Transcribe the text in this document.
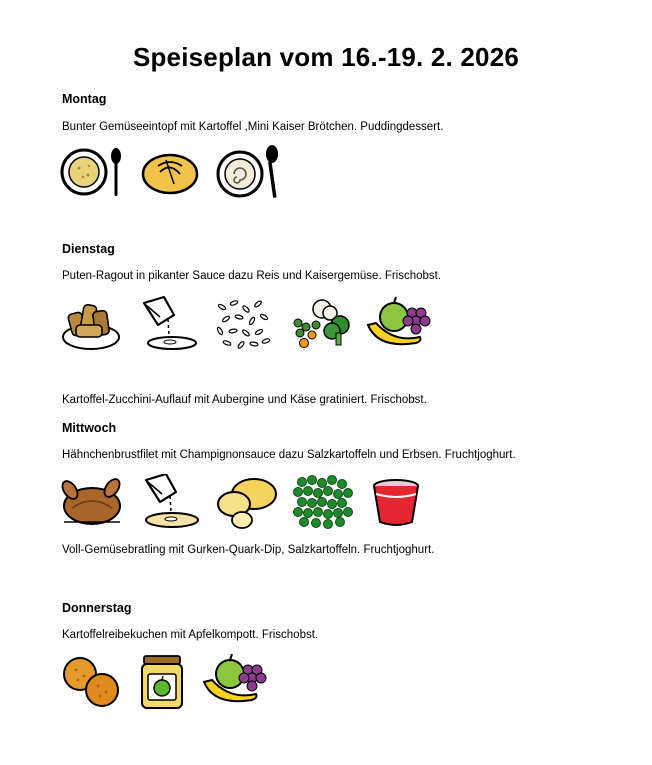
Speiseplan vom 16.-19. 2. 2026
Montag
Bunter Gemüseeintopf mit Kartoffel ,Mini Kaiser Brötchen. Puddingdessert.
Dienstag
Puten-Ragout in pikanter Sauce dazu Reis und Kaisergemüse. Frischobst.
Kartoffel-Zucchini-Auflauf mit Aubergine und Käse gratiniert. Frischobst.
Mittwoch
Hähnchenbrustfilet mit Champignonsauce dazu Salzkartoffeln und Erbsen. Fruchtjoghurt.
Voll-Gemüsebratling mit Gurken-Quark-Dip, Salzkartoffeln. Fruchtjoghurt.
Donnerstag
Kartoffelreibekuchen mit Apfelkompott. Frischobst.
